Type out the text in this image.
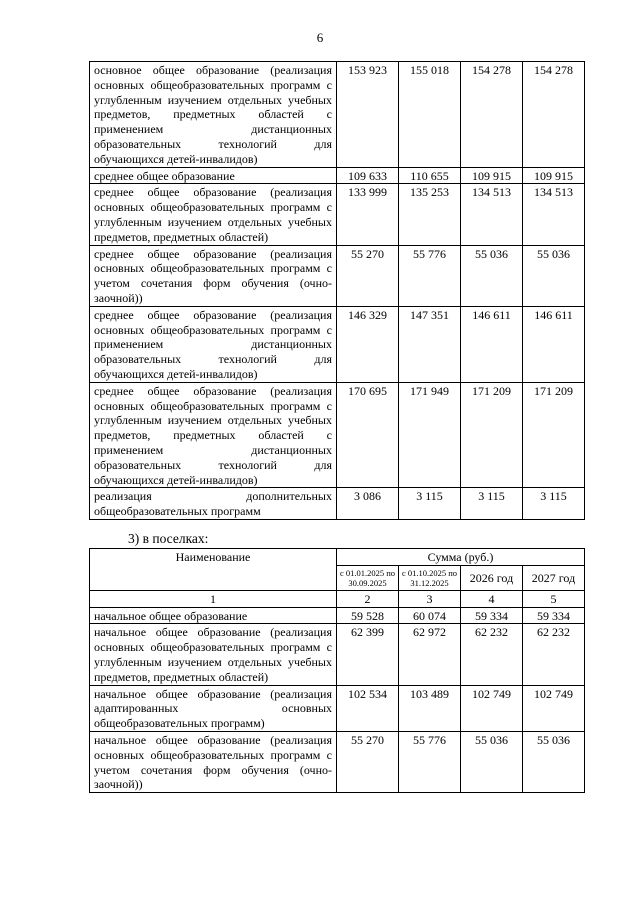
6
основное общее образование (реализация основных общеобразовательных программ с углубленным изучением отдельных учебных предметов, предметных областей с применением дистанционных образовательных технологий для обучающихся детей-инвалидов)	153 923	155 018	154 278	154 278
среднее общее образование	109 633	110 655	109 915	109 915
среднее общее образование (реализация основных общеобразовательных программ с углубленным изучением отдельных учебных предметов, предметных областей)	133 999	135 253	134 513	134 513
среднее общее образование (реализация основных общеобразовательных программ с учетом сочетания форм обучения (очно-заочной))	55 270	55 776	55 036	55 036
среднее общее образование (реализация основных общеобразовательных программ с применением дистанционных образовательных технологий для обучающихся детей-инвалидов)	146 329	147 351	146 611	146 611
среднее общее образование (реализация основных общеобразовательных программ с углубленным изучением отдельных учебных предметов, предметных областей с применением дистанционных образовательных технологий для обучающихся детей-инвалидов)	170 695	171 949	171 209	171 209
реализация дополнительных общеобразовательных программ	3 086	3 115	3 115	3 115
3) в поселках:
Наименование	Сумма (руб.)			
	с 01.01.2025 по 30.09.2025	с 01.10.2025 по 31.12.2025	2026 год	2027 год
1	2	3	4	5
начальное общее образование	59 528	60 074	59 334	59 334
начальное общее образование (реализация основных общеобразовательных программ с углубленным изучением отдельных учебных предметов, предметных областей)	62 399	62 972	62 232	62 232
начальное общее образование (реализация адаптированных основных общеобразовательных программ)	102 534	103 489	102 749	102 749
начальное общее образование (реализация основных общеобразовательных программ с учетом сочетания форм обучения (очно-заочной))	55 270	55 776	55 036	55 036
